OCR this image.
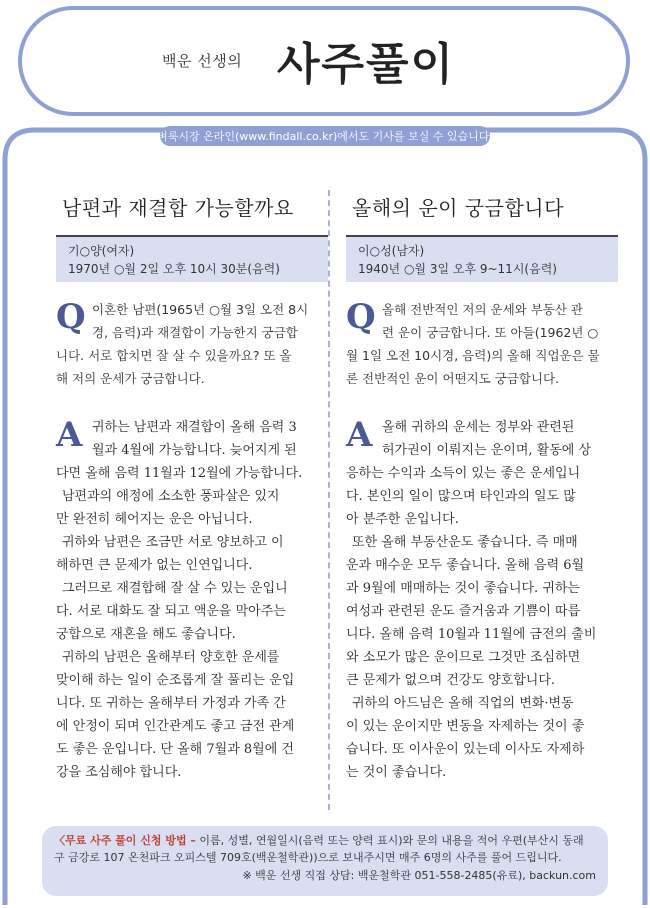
백운 선생의 사주풀이
벼룩시장 온라인(www.findall.co.kr)에서도 기사를 보실 수 있습니다.
남편과 재결합 가능할까요
기○양(여자)
1970년 ○월 2일 오후 10시 30분(음력)
Q 이혼한 남편(1965년 ○월 3일 오전 8시

경, 음력)과 재결합이 가능한지 궁금합

니다. 서로 합치면 잘 살 수 있을까요? 또 올

해 저의 운세가 궁금합니다.

A 귀하는 남편과 재결합이 올해 음력 3

월과 4월에 가능합니다. 늦어지게 된

다면 올해 음력 11월과 12월에 가능합니다.

남편과의 애정에 소소한 풍파살은 있지

만 완전히 헤어지는 운은 아닙니다.

귀하와 남편은 조금만 서로 양보하고 이

해하면 큰 문제가 없는 인연입니다.

그러므로 재결합해 잘 살 수 있는 운입니

다. 서로 대화도 잘 되고 액운을 막아주는

궁합으로 재혼을 해도 좋습니다.

귀하의 남편은 올해부터 양호한 운세를

맞이해 하는 일이 순조롭게 잘 풀리는 운입

니다. 또 귀하는 올해부터 가정과 가족 간

에 안정이 되며 인간관계도 좋고 금전 관계

도 좋은 운입니다. 단 올해 7월과 8월에 건

강을 조심해야 합니다.

올해의 운이 궁금합니다
이○성(남자)
1940년 ○월 3일 오후 9~11시(음력)
Q 올해 전반적인 저의 운세와 부동산 관

련 운이 궁금합니다. 또 아들(1962년 ○

월 1일 오전 10시경, 음력)의 올해 직업운은 물

론 전반적인 운이 어떤지도 궁금합니다.

A 올해 귀하의 운세는 정부와 관련된

허가권이 이뤄지는 운이며, 활동에 상

응하는 수익과 소득이 있는 좋은 운세입니

다. 본인의 일이 많으며 타인과의 일도 많

아 분주한 운입니다.

또한 올해 부동산운도 좋습니다. 즉 매매

운과 매수운 모두 좋습니다. 올해 음력 6월

과 9월에 매매하는 것이 좋습니다. 귀하는

여성과 관련된 운도 즐거움과 기쁨이 따릅

니다. 올해 음력 10월과 11월에 금전의 출비

와 소모가 많은 운이므로 그것만 조심하면

큰 문제가 없으며 건강도 양호합니다.

귀하의 아드님은 올해 직업의 변화·변동

이 있는 운이지만 변동을 자제하는 것이 좋

습니다. 또 이사운이 있는데 이사도 자제하

는 것이 좋습니다.

〈무료 사주 풀이 신청 방법 – 이름, 성별, 연월일시(음력 또는 양력 표시)와 문의 내용을 적어 우편(부산시 동래
구 금강로 107 온천파크 오피스텔 709호(백운철학관))으로 보내주시면 매주 6명의 사주를 풀어 드립니다.
※ 백운 선생 직접 상담: 백운철학관 051-558-2485(유료), backun.com
